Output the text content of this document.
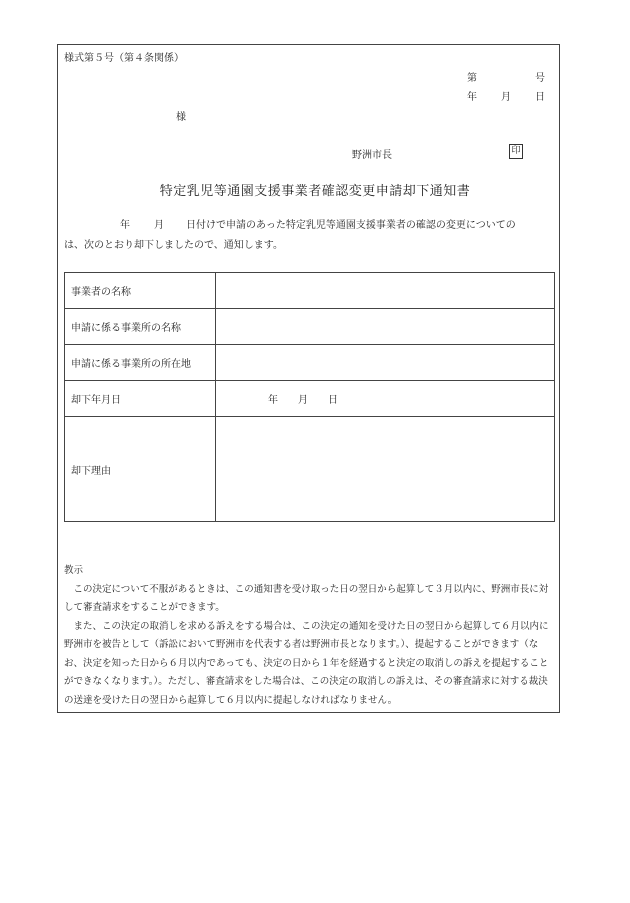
様式第５号（第４条関係）
第	号
年 月 日
様
野洲市長	印
特定乳児等通園支援事業者確認変更申請却下通知書
年 月 日付けで申請のあった特定乳児等通園支援事業者の確認の変更についての
は、次のとおり却下しましたので、通知します。
事業者の名称	
申請に係る事業所の名称	
申請に係る事業所の所在地	
却下年月日	年　　月　　日
却下理由	
教示

この決定について不服があるときは、この通知書を受け取った日の翌日から起算して３月以内に、野洲市長に対して審査請求をすることができます。

また、この決定の取消しを求める訴えをする場合は、この決定の通知を受けた日の翌日から起算して６月以内に野洲市を被告として（訴訟において野洲市を代表する者は野洲市長となります。）、提起することができます（なお、決定を知った日から６月以内であっても、決定の日から１年を経過すると決定の取消しの訴えを提起することができなくなります。）。ただし、審査請求をした場合は、この決定の取消しの訴えは、その審査請求に対する裁決の送達を受けた日の翌日から起算して６月以内に提起しなければなりません。
